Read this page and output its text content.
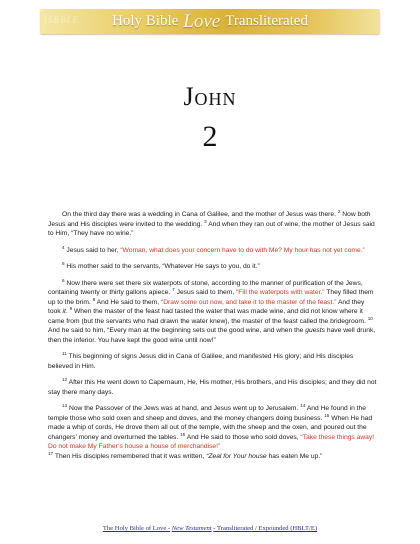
ISBBLE Holy Bible Love Transliterated
John
2

On the third day there was a wedding in Cana of Galilee, and the mother of Jesus was there. $^2$ Now both Jesus and His disciples were invited to the wedding. $^3$ And when they ran out of wine, the mother of Jesus said to Him, “They have no wine.”

$^4$ Jesus said to her, “Woman, what does your concern have to do with Me? My hour has not yet come.”

$^5$ His mother said to the servants, “Whatever He says to you, do it.”

$^6$ Now there were set there six waterpots of stone, according to the manner of purification of the Jews, containing twenty or thirty gallons apiece. $^7$ Jesus said to them, “Fill the waterpots with water.” They filled them up to the brim. $^8$ And He said to them, “Draw some out now, and take it to the master of the feast.” And they took it. $^9$ When the master of the feast had tasted the water that was made wine, and did not know where it came from (but the servants who had drawn the water knew), the master of the feast called the bridegroom. $^{10}$ And he said to him, “Every man at the beginning sets out the good wine, and when the guests have well drunk, then the inferior. You have kept the good wine until now!”

$^{11}$ This beginning of signs Jesus did in Cana of Galilee, and manifested His glory; and His disciples believed in Him.

$^{12}$ After this He went down to Capernaum, He, His mother, His brothers, and His disciples; and they did not stay there many days.

$^{13}$ Now the Passover of the Jews was at hand, and Jesus went up to Jerusalem. $^{14}$ And He found in the temple those who sold oxen and sheep and doves, and the money changers doing business. $^{15}$ When He had made a whip of cords, He drove them all out of the temple, with the sheep and the oxen, and poured out the changers’ money and overturned the tables. $^{16}$ And He said to those who sold doves, “Take these things away! Do not make My Father’s house a house of merchandise!”
$^{17}$ Then His disciples remembered that it was written, “Zeal for Your house has eaten Me up.”

The Holy Bible of Love - New Testament - Transliterated / Expounded (HBLT/E)
